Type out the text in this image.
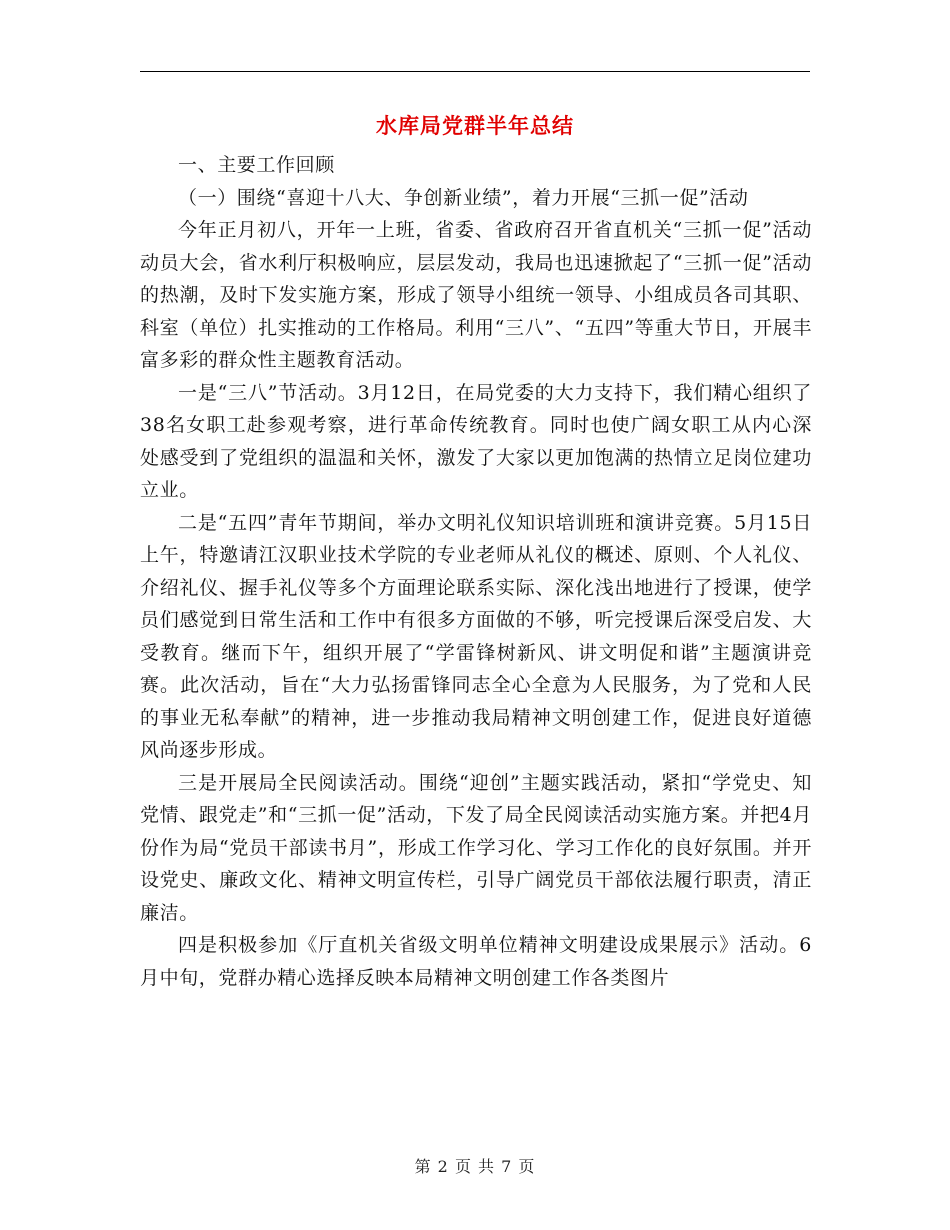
水库局党群半年总结

一、主要工作回顾

（一）围绕“喜迎十八大、争创新业绩”，着力开展“三抓一促”活动

今年正月初八，开年一上班，省委、省政府召开省直机关“三抓一促”活动动员大会，省水利厅积极响应，层层发动，我局也迅速掀起了“三抓一促”活动的热潮，及时下发实施方案，形成了领导小组统一领导、小组成员各司其职、科室（单位）扎实推动的工作格局。利用“三八”、“五四”等重大节日，开展丰富多彩的群众性主题教育活动。

一是“三八”节活动。3月12日，在局党委的大力支持下，我们精心组织了38名女职工赴参观考察，进行革命传统教育。同时也使广阔女职工从内心深处感受到了党组织的温温和关怀，激发了大家以更加饱满的热情立足岗位建功立业。

二是“五四”青年节期间，举办文明礼仪知识培训班和演讲竞赛。5月15日上午，特邀请江汉职业技术学院的专业老师从礼仪的概述、原则、个人礼仪、介绍礼仪、握手礼仪等多个方面理论联系实际、深化浅出地进行了授课，使学员们感觉到日常生活和工作中有很多方面做的不够，听完授课后深受启发、大受教育。继而下午，组织开展了“学雷锋树新风、讲文明促和谐”主题演讲竞赛。此次活动，旨在“大力弘扬雷锋同志全心全意为人民服务，为了党和人民的事业无私奉献”的精神，进一步推动我局精神文明创建工作，促进良好道德风尚逐步形成。

三是开展局全民阅读活动。围绕“迎创”主题实践活动，紧扣“学党史、知党情、跟党走”和“三抓一促”活动，下发了局全民阅读活动实施方案。并把4月份作为局“党员干部读书月”，形成工作学习化、学习工作化的良好氛围。并开设党史、廉政文化、精神文明宣传栏，引导广阔党员干部依法履行职责，清正廉洁。

四是积极参加《厅直机关省级文明单位精神文明建设成果展示》活动。6月中旬，党群办精心选择反映本局精神文明创建工作各类图片

第 2 页 共 7 页
